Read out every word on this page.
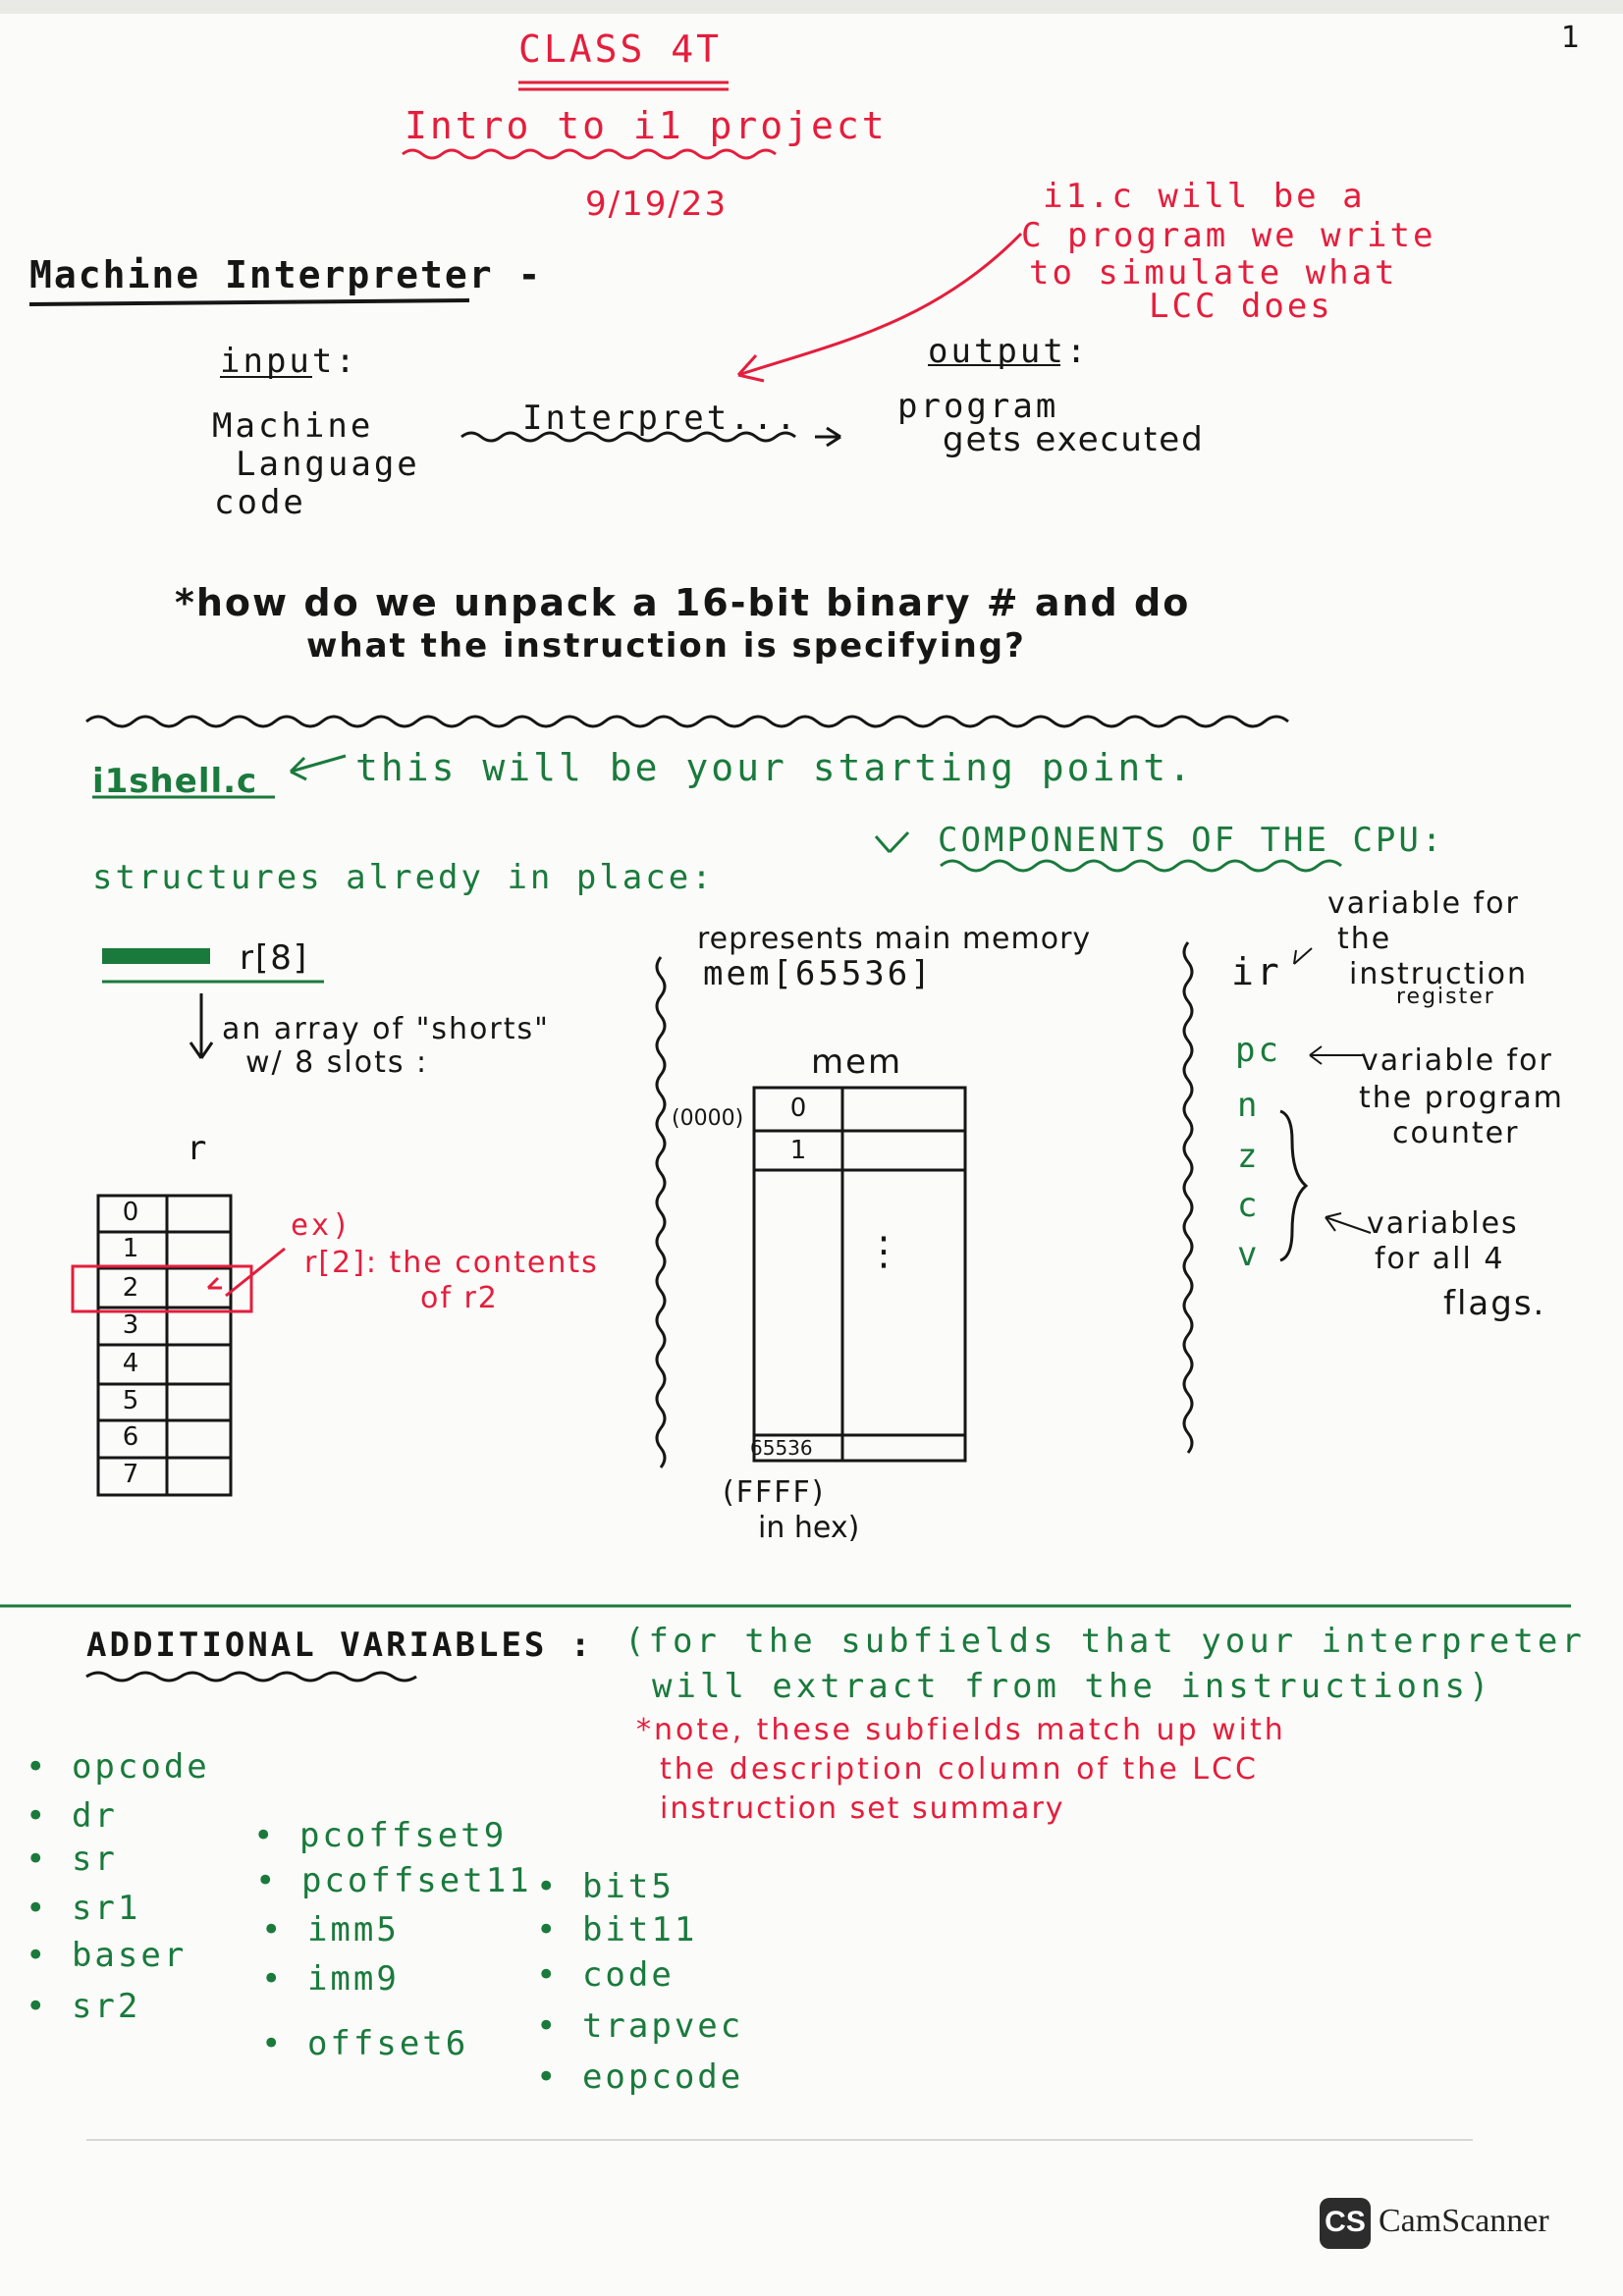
1
CLASS 4T
Intro to i1 project
9/19/23
Machine Interpreter -
i1.c will be a
C program we write
to simulate what
LCC does
input:
Machine
Language
code
Interpret...
output:
program
gets executed
*how do we unpack a 16-bit binary # and do
what the instruction is specifying?
i1shell.c	this will be your starting point.
structures alredy in place:
COMPONENTS OF THE CPU:
r[8]
an array of "shorts"
w/ 8 slots :
r
0
1
2
3
4
5
6
7
ex)
r[2]: the contents
of r2
represents main memory
mem[65536]
mem
(0000)	0
1
⋮
65536
(FFFF)
in hex)
ir
variable for
the
instruction
register
pc	variable for
the program
counter
n
z
c
v
variables
for all 4
flags.
ADDITIONAL VARIABLES : (for the subfields that your interpreter
will extract from the instructions)
*note, these subfields match up with
the description column of the LCC
instruction set summary
• opcode
• dr
• sr
• sr1
• baser
• sr2
• pcoffset9
• pcoffset11
• imm5
• imm9
• offset6
• bit5
• bit11
• code
• trapvec
• eopcode
CS CamScanner
